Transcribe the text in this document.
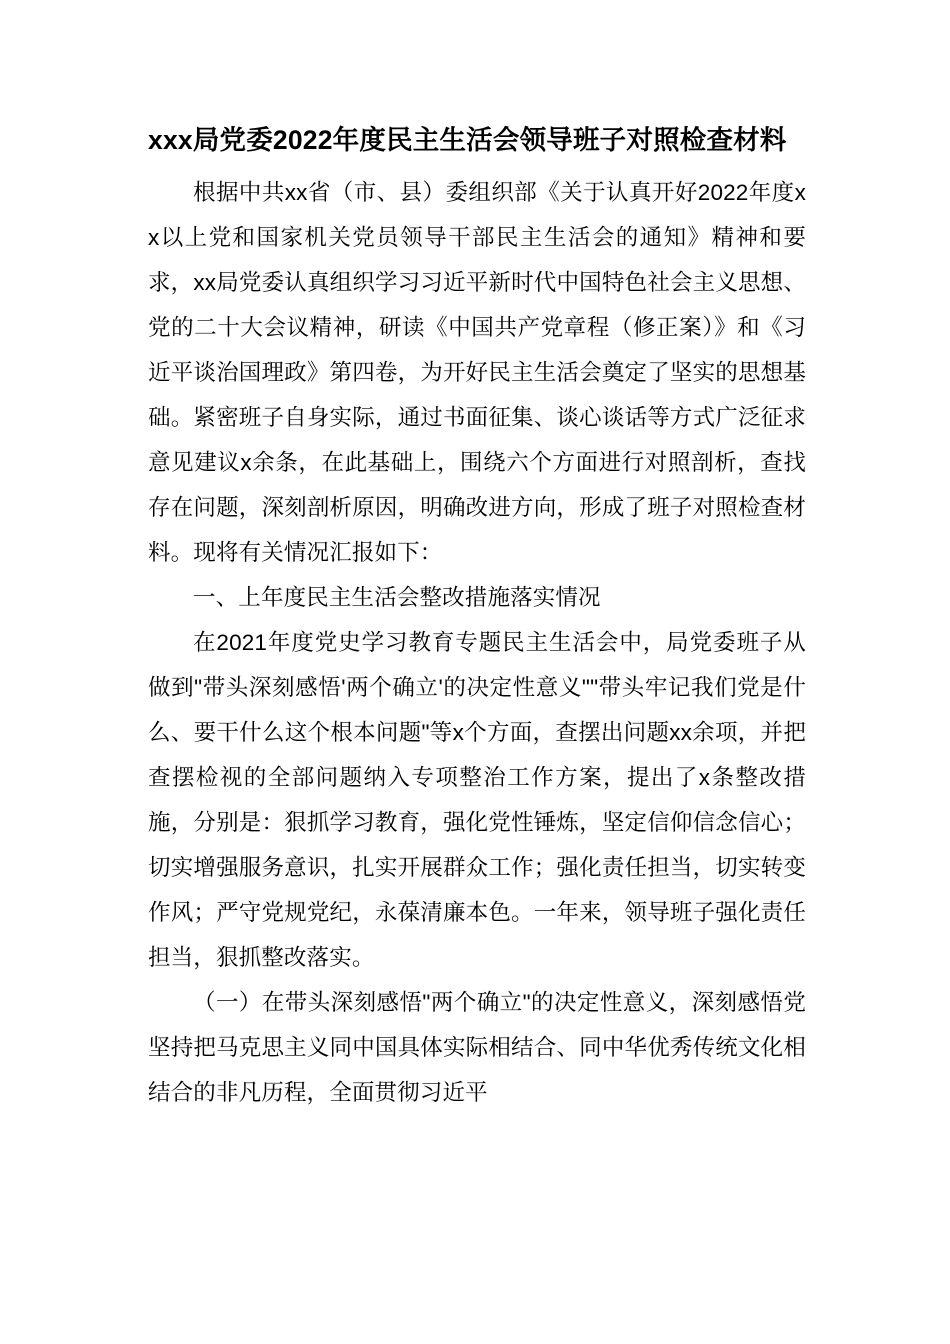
xxx局党委2022年度民主生活会领导班子对照检查材料

根据中共xx省（市、县）委组织部《关于认真开好2022年度xx以上党和国家机关党员领导干部民主生活会的通知》精神和要求，xx局党委认真组织学习习近平新时代中国特色社会主义思想、党的二十大会议精神，研读《中国共产党章程（修正案）》和《习近平谈治国理政》第四卷，为开好民主生活会奠定了坚实的思想基础。紧密班子自身实际，通过书面征集、谈心谈话等方式广泛征求意见建议x余条，在此基础上，围绕六个方面进行对照剖析，查找存在问题，深刻剖析原因，明确改进方向，形成了班子对照检查材料。现将有关情况汇报如下：

一、上年度民主生活会整改措施落实情况

在2021年度党史学习教育专题民主生活会中，局党委班子从做到"带头深刻感悟'两个确立'的决定性意义""带头牢记我们党是什么、要干什么这个根本问题"等x个方面，查摆出问题xx余项，并把查摆检视的全部问题纳入专项整治工作方案，提出了x条整改措施，分别是：狠抓学习教育，强化党性锤炼，坚定信仰信念信心；切实增强服务意识，扎实开展群众工作；强化责任担当，切实转变作风；严守党规党纪，永葆清廉本色。一年来，领导班子强化责任担当，狠抓整改落实。

（一）在带头深刻感悟"两个确立"的决定性意义，深刻感悟党坚持把马克思主义同中国具体实际相结合、同中华优秀传统文化相结合的非凡历程，全面贯彻习近平
